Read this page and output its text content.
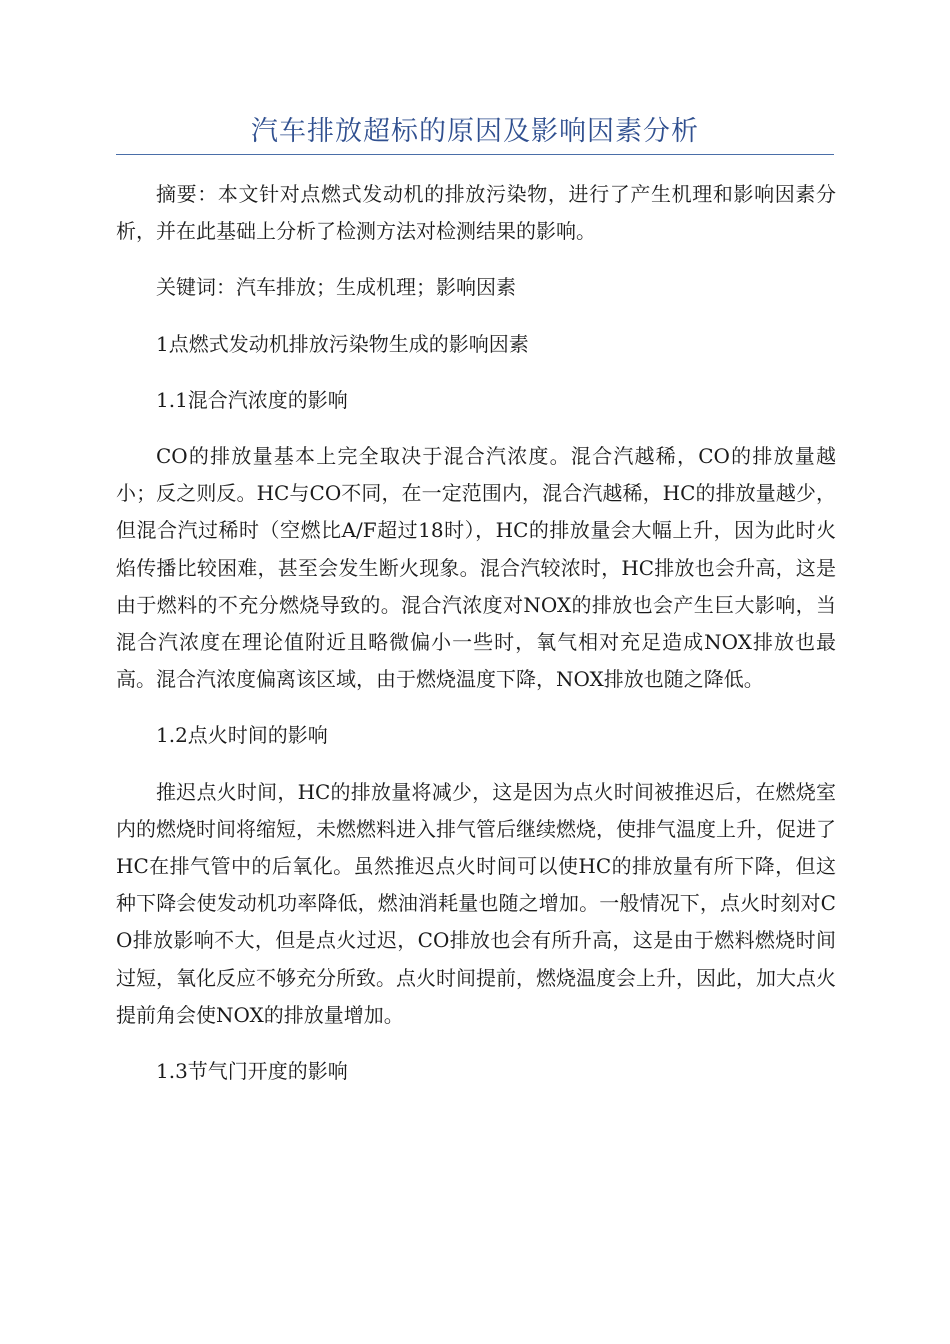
汽车排放超标的原因及影响因素分析

摘要：本文针对点燃式发动机的排放污染物，进行了产生机理和影响因素分析，并在此基础上分析了检测方法对检测结果的影响。

关键词：汽车排放；生成机理；影响因素

1点燃式发动机排放污染物生成的影响因素

1.1混合汽浓度的影响

CO的排放量基本上完全取决于混合汽浓度。混合汽越稀，CO的排放量越小；反之则反。HC与CO不同，在一定范围内，混合汽越稀，HC的排放量越少，但混合汽过稀时（空燃比A/F超过18时），HC的排放量会大幅上升，因为此时火焰传播比较困难，甚至会发生断火现象。混合汽较浓时，HC排放也会升高，这是由于燃料的不充分燃烧导致的。混合汽浓度对NOX的排放也会产生巨大影响，当混合汽浓度在理论值附近且略微偏小一些时，氧气相对充足造成NOX排放也最高。混合汽浓度偏离该区域，由于燃烧温度下降，NOX排放也随之降低。

1.2点火时间的影响

推迟点火时间，HC的排放量将减少，这是因为点火时间被推迟后，在燃烧室内的燃烧时间将缩短，未燃燃料进入排气管后继续燃烧，使排气温度上升，促进了HC在排气管中的后氧化。虽然推迟点火时间可以使HC的排放量有所下降，但这种下降会使发动机功率降低，燃油消耗量也随之增加。一般情况下，点火时刻对CO排放影响不大，但是点火过迟，CO排放也会有所升高，这是由于燃料燃烧时间过短，氧化反应不够充分所致。点火时间提前，燃烧温度会上升，因此，加大点火提前角会使NOX的排放量增加。

1.3节气门开度的影响
